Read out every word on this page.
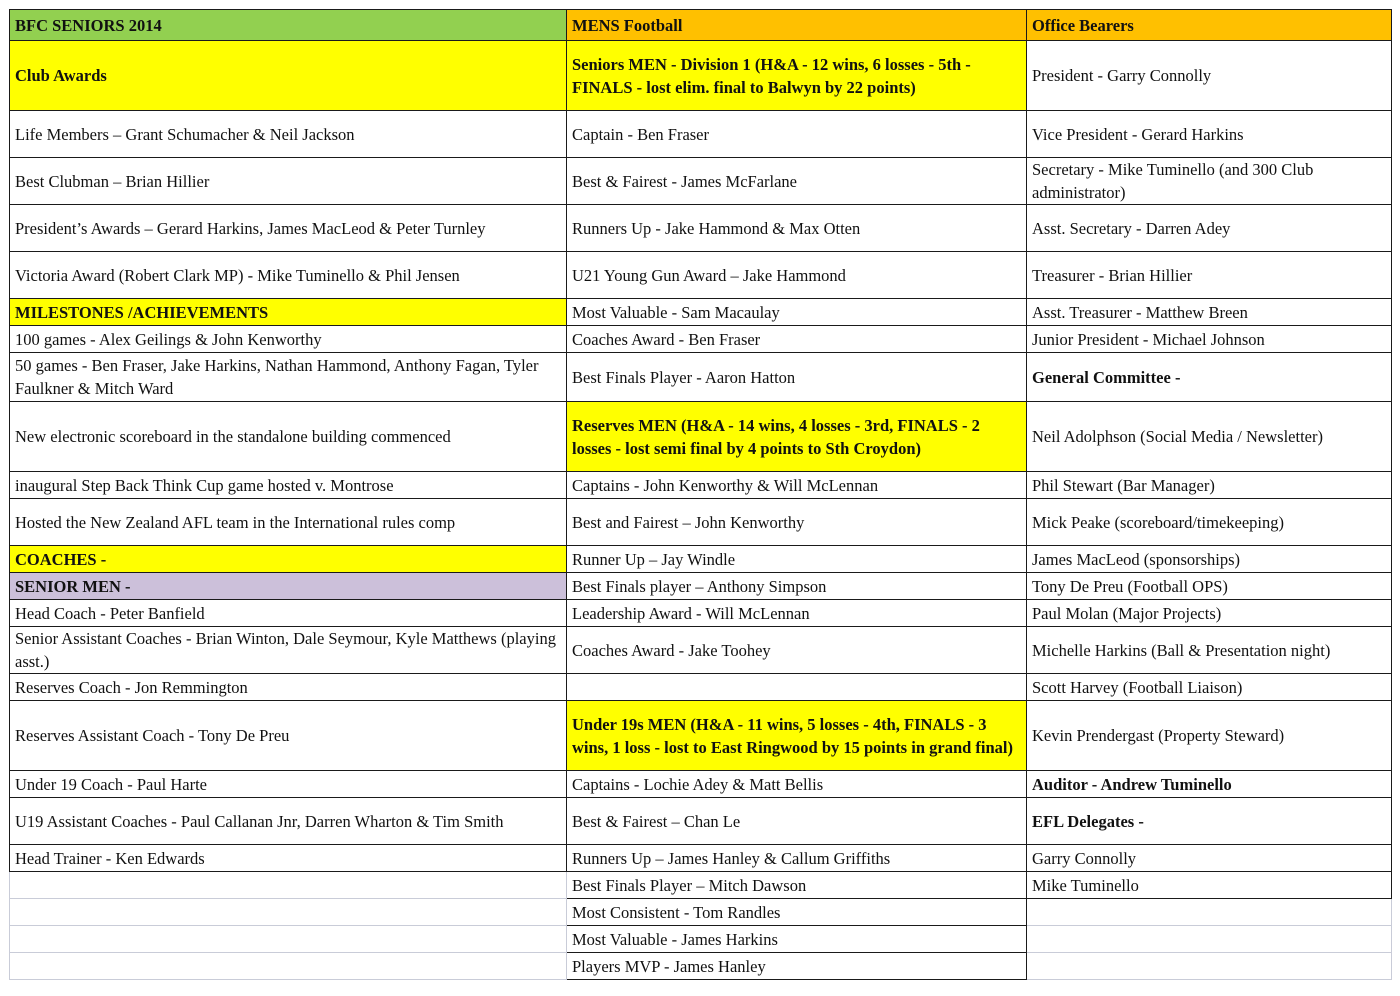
BFC SENIORS 2014	MENS Football	Office Bearers
Club Awards	Seniors MEN - Division 1 (H&A - 12 wins, 6 losses - 5th - FINALS - lost elim. final to Balwyn by 22 points)	President - Garry Connolly
Life Members – Grant Schumacher & Neil Jackson	Captain - Ben Fraser	Vice President - Gerard Harkins
Best Clubman – Brian Hillier	Best & Fairest - James McFarlane	Secretary - Mike Tuminello (and 300 Club administrator)
President’s Awards – Gerard Harkins, James MacLeod & Peter Turnley	Runners Up - Jake Hammond & Max Otten	Asst. Secretary - Darren Adey
Victoria Award (Robert Clark MP) - Mike Tuminello & Phil Jensen	U21 Young Gun Award – Jake Hammond	Treasurer - Brian Hillier
MILESTONES /ACHIEVEMENTS	Most Valuable - Sam Macaulay	Asst. Treasurer - Matthew Breen
100 games - Alex Geilings & John Kenworthy	Coaches Award - Ben Fraser	Junior President - Michael Johnson
50 games - Ben Fraser, Jake Harkins, Nathan Hammond, Anthony Fagan, Tyler Faulkner & Mitch Ward	Best Finals Player - Aaron Hatton	General Committee -
New electronic scoreboard in the standalone building commenced	Reserves MEN (H&A - 14 wins, 4 losses - 3rd, FINALS - 2 losses - lost semi final by 4 points to Sth Croydon)	Neil Adolphson (Social Media / Newsletter)
inaugural Step Back Think Cup game hosted v. Montrose	Captains - John Kenworthy & Will McLennan	Phil Stewart (Bar Manager)
Hosted the New Zealand AFL team in the International rules comp	Best and Fairest – John Kenworthy	Mick Peake (scoreboard/timekeeping)
COACHES -	Runner Up – Jay Windle	James MacLeod (sponsorships)
SENIOR MEN -	Best Finals player – Anthony Simpson	Tony De Preu (Football OPS)
Head Coach - Peter Banfield	Leadership Award - Will McLennan	Paul Molan (Major Projects)
Senior Assistant Coaches - Brian Winton, Dale Seymour, Kyle Matthews (playing asst.)	Coaches Award - Jake Toohey	Michelle Harkins (Ball & Presentation night)
Reserves Coach - Jon Remmington		Scott Harvey (Football Liaison)
Reserves Assistant Coach - Tony De Preu	Under 19s MEN (H&A - 11 wins, 5 losses - 4th, FINALS - 3 wins, 1 loss - lost to East Ringwood by 15 points in grand final)	Kevin Prendergast (Property Steward)
Under 19 Coach - Paul Harte	Captains - Lochie Adey & Matt Bellis	Auditor - Andrew Tuminello
U19 Assistant Coaches - Paul Callanan Jnr, Darren Wharton & Tim Smith	Best & Fairest – Chan Le	EFL Delegates -
Head Trainer - Ken Edwards	Runners Up – James Hanley & Callum Griffiths	Garry Connolly
	Best Finals Player – Mitch Dawson	Mike Tuminello
	Most Consistent - Tom Randles	
	Most Valuable - James Harkins	
	Players MVP - James Hanley	
